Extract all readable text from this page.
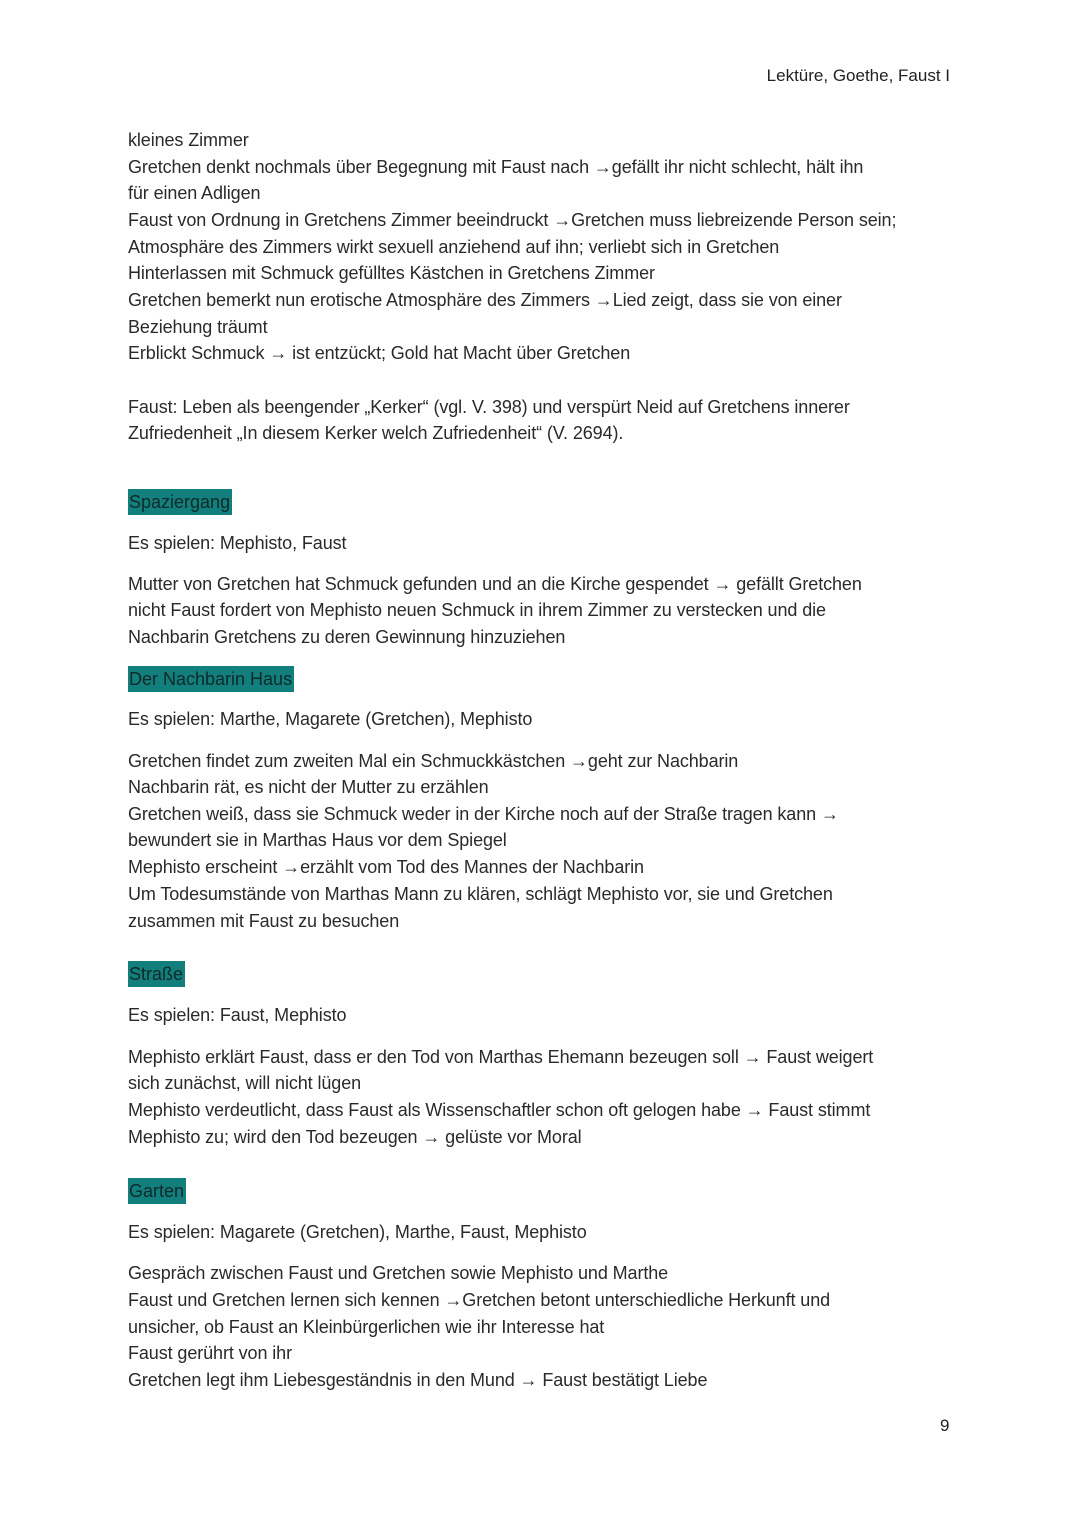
Lektüre, Goethe, Faust I
kleines Zimmer
Gretchen denkt nochmals über Begegnung mit Faust nach →gefällt ihr nicht schlecht, hält ihn
für einen Adligen
Faust von Ordnung in Gretchens Zimmer beeindruckt →Gretchen muss liebreizende Person sein;
Atmosphäre des Zimmers wirkt sexuell anziehend auf ihn; verliebt sich in Gretchen
Hinterlassen mit Schmuck gefülltes Kästchen in Gretchens Zimmer
Gretchen bemerkt nun erotische Atmosphäre des Zimmers →Lied zeigt, dass sie von einer
Beziehung träumt
Erblickt Schmuck → ist entzückt; Gold hat Macht über Gretchen
Faust: Leben als beengender „Kerker“ (vgl. V. 398) und verspürt Neid auf Gretchens innerer
Zufriedenheit „In diesem Kerker welch Zufriedenheit“ (V. 2694).
Spaziergang
Es spielen: Mephisto, Faust
Mutter von Gretchen hat Schmuck gefunden und an die Kirche gespendet → gefällt Gretchen
nicht Faust fordert von Mephisto neuen Schmuck in ihrem Zimmer zu verstecken und die
Nachbarin Gretchens zu deren Gewinnung hinzuziehen
Der Nachbarin Haus
Es spielen: Marthe, Magarete (Gretchen), Mephisto
Gretchen findet zum zweiten Mal ein Schmuckkästchen →geht zur Nachbarin
Nachbarin rät, es nicht der Mutter zu erzählen
Gretchen weiß, dass sie Schmuck weder in der Kirche noch auf der Straße tragen kann →
bewundert sie in Marthas Haus vor dem Spiegel
Mephisto erscheint →erzählt vom Tod des Mannes der Nachbarin
Um Todesumstände von Marthas Mann zu klären, schlägt Mephisto vor, sie und Gretchen
zusammen mit Faust zu besuchen
Straße
Es spielen: Faust, Mephisto
Mephisto erklärt Faust, dass er den Tod von Marthas Ehemann bezeugen soll → Faust weigert
sich zunächst, will nicht lügen
Mephisto verdeutlicht, dass Faust als Wissenschaftler schon oft gelogen habe → Faust stimmt
Mephisto zu; wird den Tod bezeugen → gelüste vor Moral
Garten
Es spielen: Magarete (Gretchen), Marthe, Faust, Mephisto
Gespräch zwischen Faust und Gretchen sowie Mephisto und Marthe
Faust und Gretchen lernen sich kennen →Gretchen betont unterschiedliche Herkunft und
unsicher, ob Faust an Kleinbürgerlichen wie ihr Interesse hat
Faust gerührt von ihr
Gretchen legt ihm Liebesgeständnis in den Mund → Faust bestätigt Liebe
9
